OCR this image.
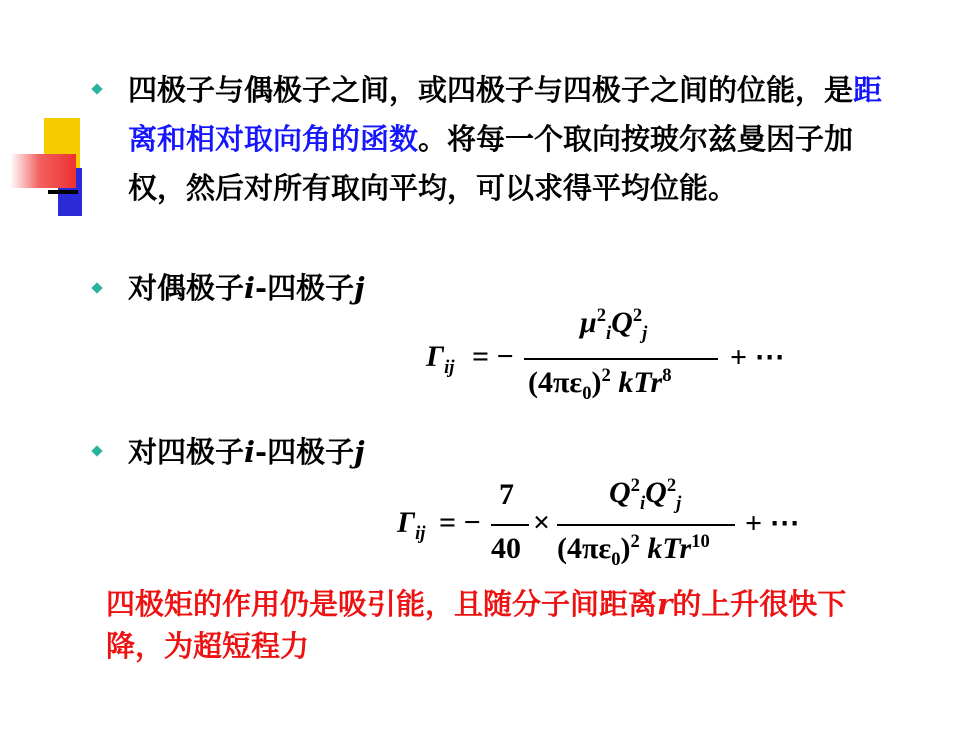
四极子与偶极子之间，或四极子与四极子之间的位能，是距离和相对取向角的函数。将每一个取向按玻尔兹曼因子加权，然后对所有取向平均，可以求得平均位能。
对偶极子i-四极子j
$\Gamma_{ij}$ = −
$\mu^2_iQ^2_j$
$(4\pi\varepsilon_0)^2$ kTr$^8$
+ ⋯
对四极子i-四极子j
$\Gamma_{ij}$ = −
7
40
×
$Q^2_iQ^2_j$
$(4\pi\varepsilon_0)^2$ kTr$^{10}$
+ ⋯
四极矩的作用仍是吸引能，且随分子间距离r的上升很快下降，为超短程力
